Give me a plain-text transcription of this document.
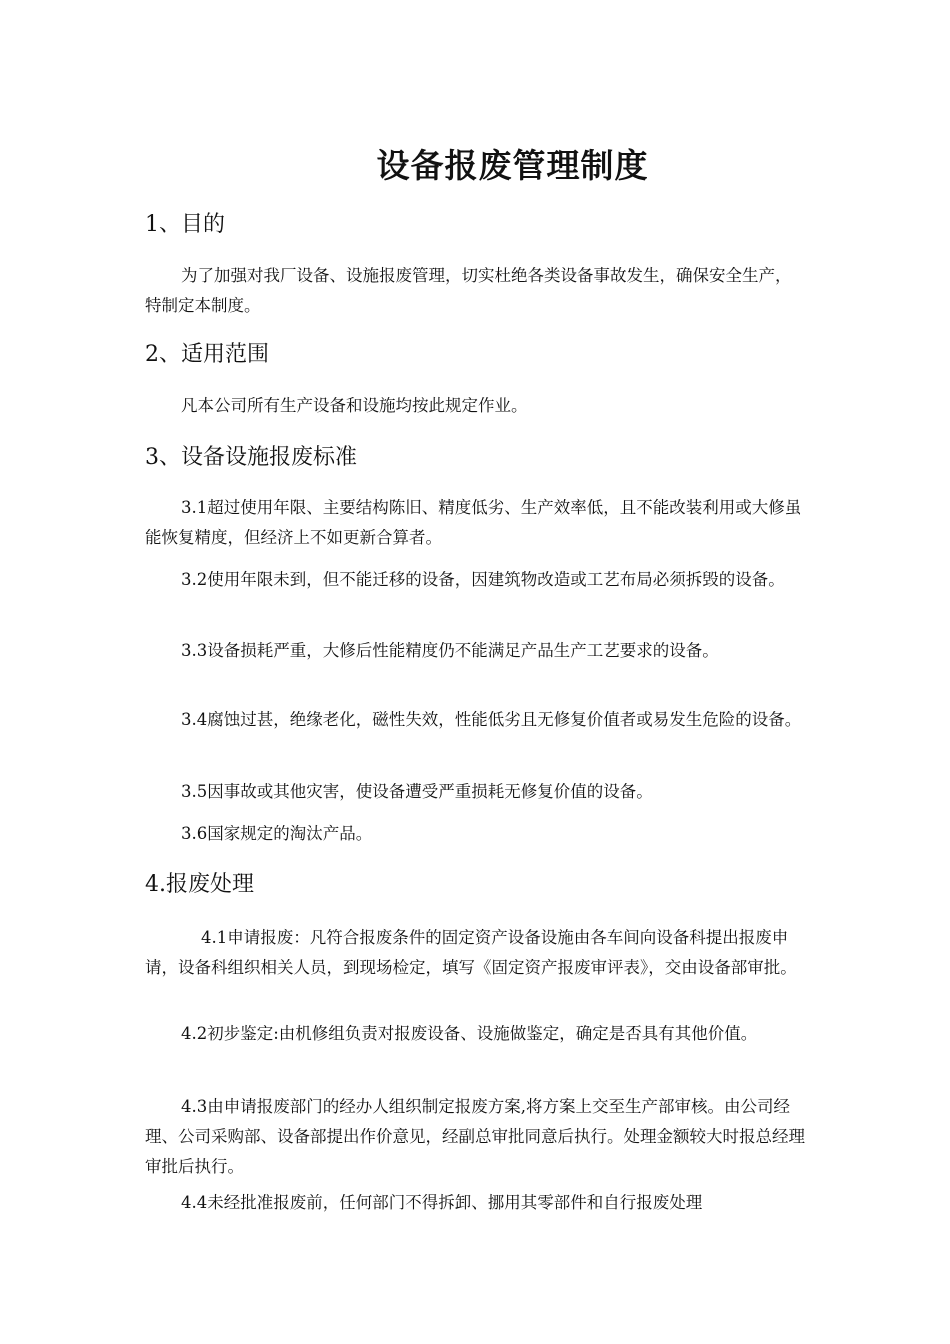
设备报废管理制度
1、目的

为了加强对我厂设备、设施报废管理，切实杜绝各类设备事故发生，确保安全生产，特制定本制度。

2、适用范围

凡本公司所有生产设备和设施均按此规定作业。

3、设备设施报废标准

3.1超过使用年限、主要结构陈旧、精度低劣、生产效率低，且不能改装利用或大修虽能恢复精度，但经济上不如更新合算者。

3.2使用年限未到，但不能迁移的设备，因建筑物改造或工艺布局必须拆毁的设备。

3.3设备损耗严重，大修后性能精度仍不能满足产品生产工艺要求的设备。

3.4腐蚀过甚，绝缘老化，磁性失效，性能低劣且无修复价值者或易发生危险的设备。

3.5因事故或其他灾害，使设备遭受严重损耗无修复价值的设备。

3.6国家规定的淘汰产品。

4.报废处理

4.1申请报废：凡符合报废条件的固定资产设备设施由各车间向设备科提出报废申请，设备科组织相关人员，到现场检定，填写《固定资产报废审评表》，交由设备部审批。

4.2初步鉴定:由机修组负责对报废设备、设施做鉴定，确定是否具有其他价值。

4.3由申请报废部门的经办人组织制定报废方案,将方案上交至生产部审核。由公司经理、公司采购部、设备部提出作价意见，经副总审批同意后执行。处理金额较大时报总经理审批后执行。

4.4未经批准报废前，任何部门不得拆卸、挪用其零部件和自行报废处理
